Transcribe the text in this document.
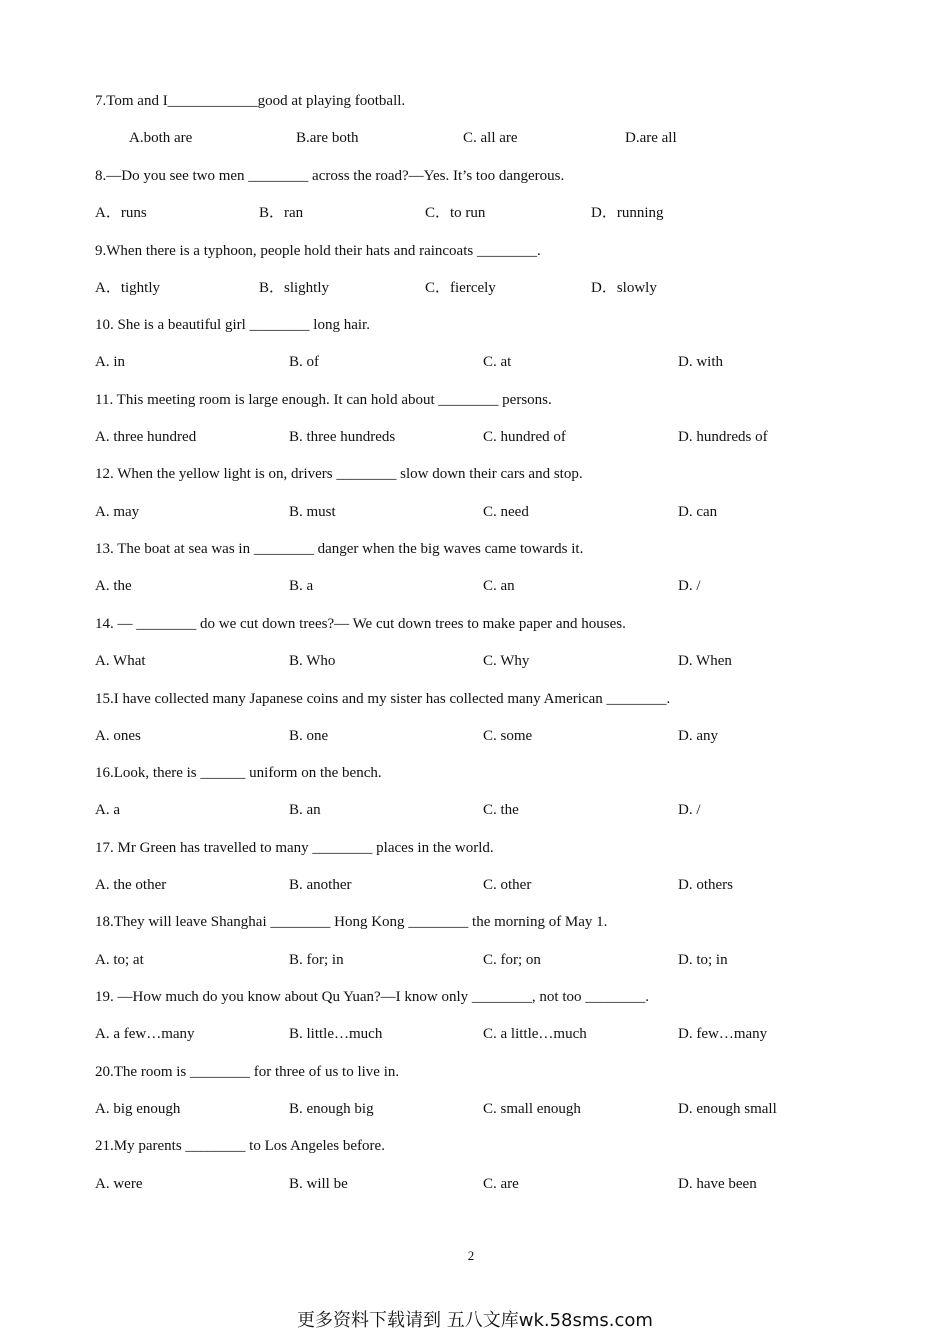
7.Tom and I____________good at playing football.
A.both are	B.are both	C. all are	D.are all
8.—Do you see two men ________ across the road?—Yes. It’s too dangerous.
A．runs	B．ran	C．to run	D．running
9.When there is a typhoon, people hold their hats and raincoats ________.
A．tightly	B．slightly	C．fiercely	D．slowly
10. She is a beautiful girl ________ long hair.
A. in	B. of	C. at	D. with
11. This meeting room is large enough. It can hold about ________ persons.
A. three hundred	B. three hundreds	C. hundred of	D. hundreds of
12. When the yellow light is on, drivers ________ slow down their cars and stop.
A. may	B. must	C. need	D. can
13. The boat at sea was in ________ danger when the big waves came towards it.
A. the	B. a	C. an	D. /
14. — ________ do we cut down trees?— We cut down trees to make paper and houses.
A. What	B. Who	C. Why	D. When
15.I have collected many Japanese coins and my sister has collected many American ________.
A. ones	B. one	C. some	D. any
16.Look, there is ______ uniform on the bench.
A. a	B. an	C. the	D. /
17. Mr Green has travelled to many ________ places in the world.
A. the other	B. another	C. other	D. others
18.They will leave Shanghai ________ Hong Kong ________ the morning of May 1.
A. to; at	B. for; in	C. for; on	D. to; in
19. —How much do you know about Qu Yuan?—I know only ________, not too ________.
A. a few…many	B. little…much	C. a little…much	D. few…many
20.The room is ________ for three of us to live in.
A. big enough	B. enough big	C. small enough	D. enough small
21.My parents ________ to Los Angeles before.
A. were	B. will be	C. are	D. have been
2
更多资料下载请到 五八文库wk.58sms.com
